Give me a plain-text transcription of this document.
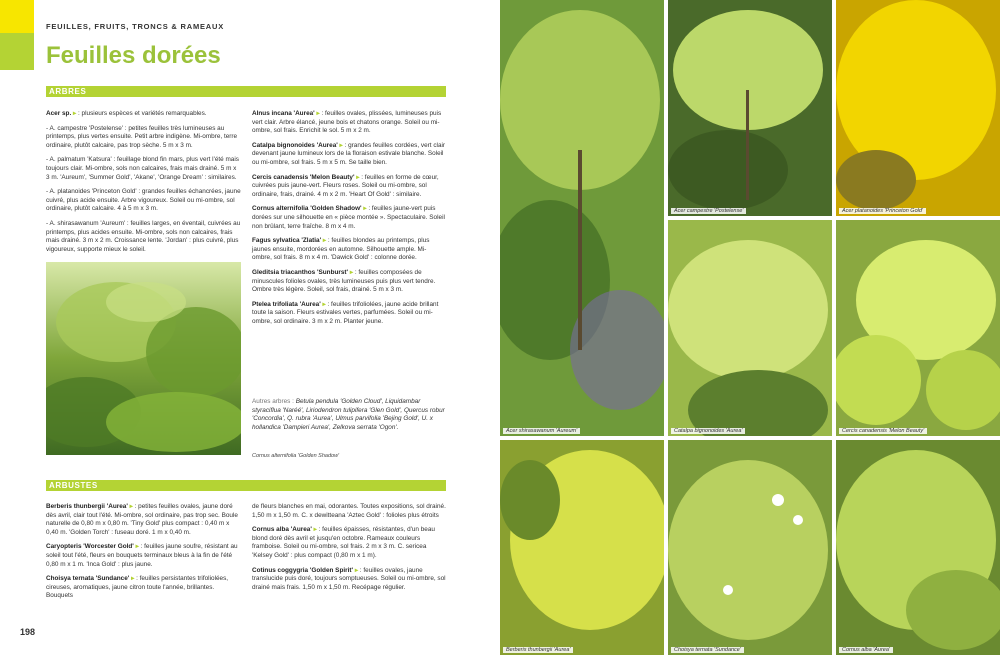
FEUILLES, FRUITS, TRONCS & RAMEAUX
Feuilles dorées
ARBRES

Acer sp. ▸ : plusieurs espèces et variétés remarquables.

- A. campestre 'Postelense' : petites feuilles très lumineuses au printemps, plus vertes ensuite. Petit arbre indigène. Mi-ombre, terre ordinaire, plutôt calcaire, pas trop sèche. 5 m x 3 m.

- A. palmatum 'Katsura' : feuillage blond fin mars, plus vert l'été mais toujours clair. Mi-ombre, sols non calcaires, frais mais drainé. 5 m x 3 m. 'Aureum', 'Summer Gold', 'Akane', 'Orange Dream' : similaires.

- A. platanoides 'Princeton Gold' : grandes feuilles échancrées, jaune cuivré, plus acide ensuite. Arbre vigoureux. Soleil ou mi-ombre, sol ordinaire, plutôt calcaire. 4 à 5 m x 3 m.

- A. shirasawanum 'Aureum' : feuilles larges, en éventail, cuivrées au printemps, plus acides ensuite. Mi-ombre, sols non calcaires, frais mais drainé. 3 m x 2 m. Croissance lente. 'Jordan' : plus cuivré, plus vigoureux, supporte mieux le soleil.

Alnus incana 'Aurea' ▸ : feuilles ovales, plissées, lumineuses puis vert clair. Arbre élancé, jeune bois et chatons orange. Soleil ou mi-ombre, sol frais. Enrichit le sol. 5 m x 2 m.

Catalpa bignonoides 'Aurea' ▸ : grandes feuilles cordées, vert clair devenant jaune lumineux lors de la floraison estivale blanche. Soleil ou mi-ombre, sol frais. 5 m x 5 m. Se taille bien.

Cercis canadensis 'Melon Beauty' ▸ : feuilles en forme de cœur, cuivrées puis jaune-vert. Fleurs roses. Soleil ou mi-ombre, sol ordinaire, frais, drainé. 4 m x 2 m. 'Heart Of Gold' : similaire.

Cornus alternifolia 'Golden Shadow' ▸ : feuilles jaune-vert puis dorées sur une silhouette en « pièce montée ». Spectaculaire. Soleil non brûlant, terre fraîche. 8 m x 4 m.

Fagus sylvatica 'Zlatia' ▸ : feuilles blondes au printemps, plus jaunes ensuite, mordorées en automne. Silhouette ample. Mi-ombre, sol frais. 8 m x 4 m. 'Dawick Gold' : colonne dorée.

Gleditsia triacanthos 'Sunburst' ▸ : feuilles composées de minuscules folioles ovales, très lumineuses puis plus vert tendre. Ombre très légère. Soleil, sol frais, drainé. 5 m x 3 m.

Ptelea trifoliata 'Aurea' ▸ : feuilles trifoliolées, jaune acide brillant toute la saison. Fleurs estivales vertes, parfumées. Soleil ou mi-ombre, sol ordinaire. 3 m x 2 m. Planter jeune.

Autres arbres : Betula pendula 'Golden Cloud', Liquidambar styraciflua 'Naréé', Liriodendron tulipifera 'Glen Gold', Quercus robur 'Concordia', Q. rubra 'Aurea', Ulmus parvifolia 'Bejing Gold', U. x hollandica 'Dampieri Aurea', Zelkova serrata 'Ogon'.
Cornus alternifolia 'Golden Shadow'
ARBUSTES

Berberis thunbergii 'Aurea' ▸ : petites feuilles ovales, jaune doré dès avril, clair tout l'été. Mi-ombre, sol ordinaire, pas trop sec. Boule naturelle de 0,80 m x 0,80 m. 'Tiny Gold' plus compact : 0,40 m x 0,40 m. 'Golden Torch' : fuseau doré. 1 m x 0,40 m.

Caryopteris 'Worcester Gold' ▸ : feuilles jaune soufre, résistant au soleil tout l'été, fleurs en bouquets terminaux bleus à la fin de l'été 0,80 m x 1 m. 'Inca Gold' : plus jaune.

Choisya ternata 'Sundance' ▸ : feuilles persistantes trifoliolées, cireuses, aromatiques, jaune citron toute l'année, brillantes. Bouquets

de fleurs blanches en mai, odorantes. Toutes expositions, sol drainé. 1,50 m x 1,50 m. C. x dewitteana 'Aztec Gold' : folioles plus étroits

Cornus alba 'Aurea' ▸ : feuilles épaisses, résistantes, d'un beau blond doré dès avril et jusqu'en octobre. Rameaux couleurs framboise. Soleil ou mi-ombre, sol frais. 2 m x 3 m. C. sericea 'Kelsey Gold' : plus compact (0,80 m x 1 m).

Cotinus coggygria 'Golden Spirit' ▸ : feuilles ovales, jaune translucide puis doré, toujours somptueuses. Soleil ou mi-ombre, sol drainé mais frais. 1,50 m x 1,50 m. Recépage régulier.

198
Acer campestre 'Postelense'	Acer platanoides 'Princeton Gold'
Acer shirasawanum 'Aureum'	Catalpa bignonoides 'Aurea'	Cercis canadensis 'Melon Beauty'
Berberis thunbergii 'Aurea'	Choisya ternata 'Sundance'	Cornus alba 'Aurea'
